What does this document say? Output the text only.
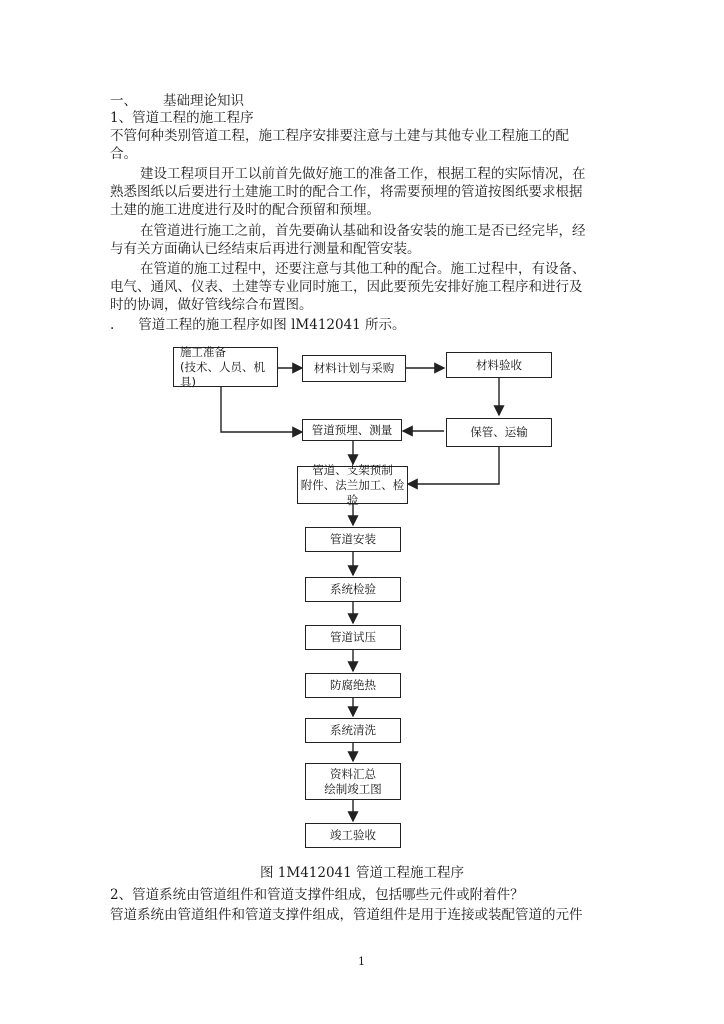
一、 基础理论知识
1、管道工程的施工程序
不管何种类别管道工程，施工程序安排要注意与土建与其他专业工程施工的配
合。
建设工程项目开工以前首先做好施工的准备工作，根据工程的实际情况，在
熟悉图纸以后要进行土建施工时的配合工作，将需要预埋的管道按图纸要求根据
土建的施工进度进行及时的配合预留和预埋。
在管道进行施工之前，首先要确认基础和设备安装的施工是否已经完毕，经
与有关方面确认已经结束后再进行测量和配管安装。
在管道的施工过程中，还要注意与其他工种的配合。施工过程中，有设备、
电气、通风、仪表、土建等专业同时施工，因此要预先安排好施工程序和进行及
时的协调，做好管线综合布置图。
. 管道工程的施工程序如图 lM412041 所示。
施工准备
(技术、人员、机具)
材料计划与采购	材料验收
保管、运输
管道预埋、测量
管道、支架预制
附件、法兰加工、检验
管道安装
系统检验
管道试压
防腐绝热
系统清洗
资料汇总
绘制竣工图
竣工验收
图 1M412041 管道工程施工程序
2、管道系统由管道组件和管道支撑件组成，包括哪些元件或附着件？
管道系统由管道组件和管道支撑件组成，管道组件是用于连接或装配管道的元件
1
